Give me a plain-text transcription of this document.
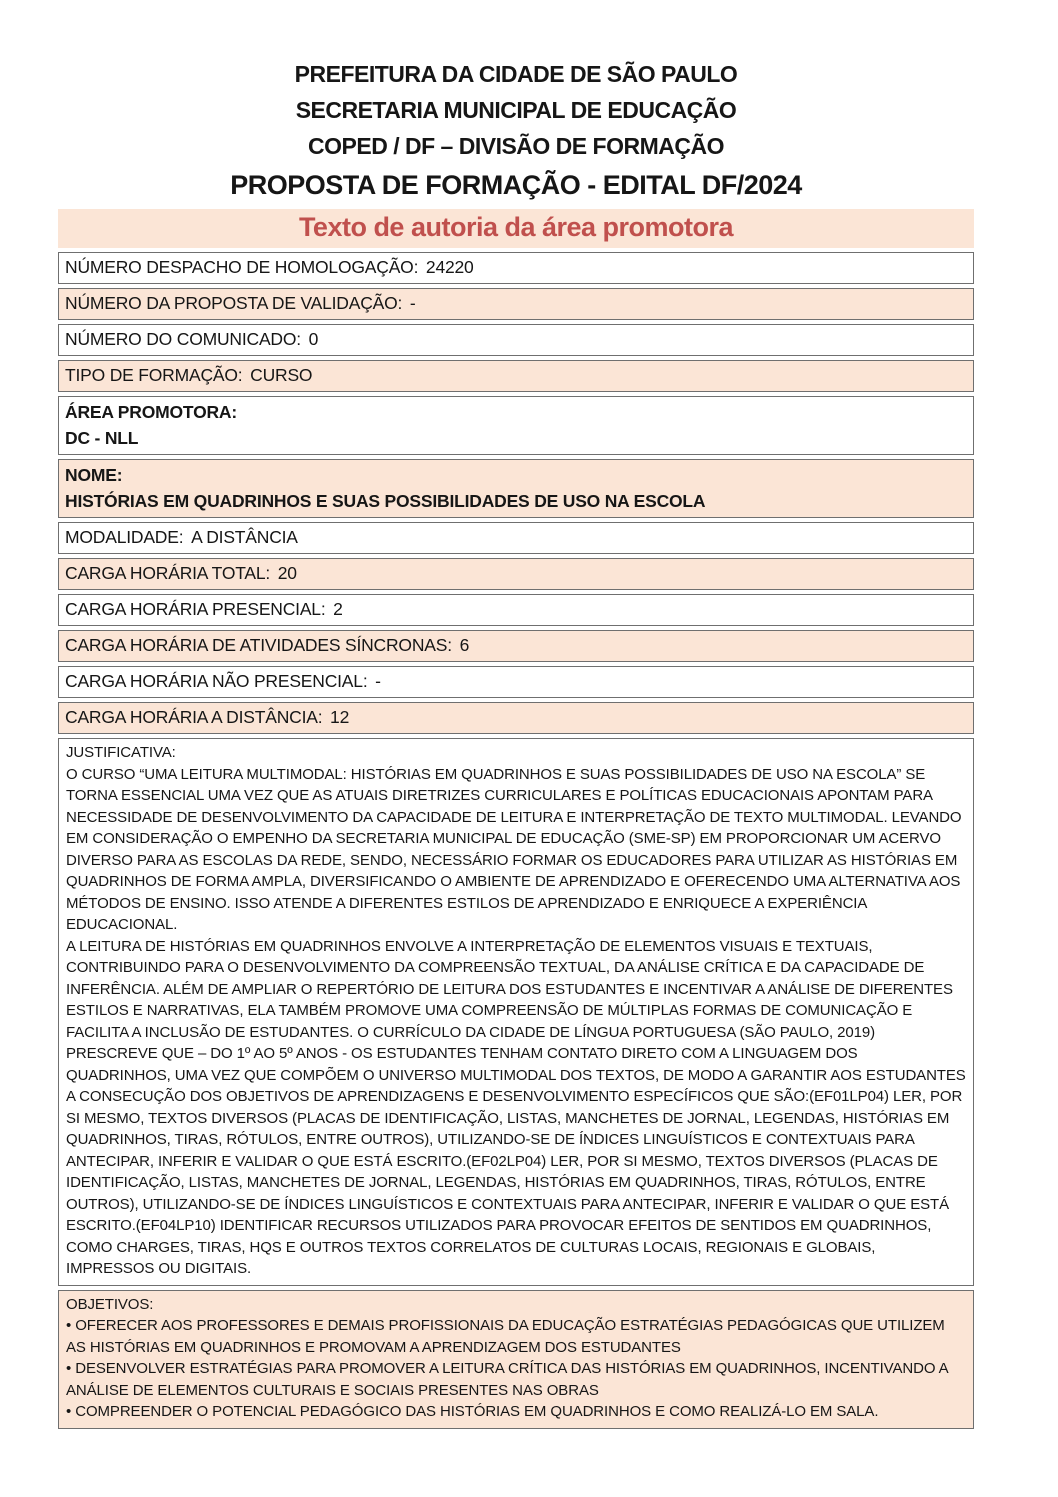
PREFEITURA DA CIDADE DE SÃO PAULO
SECRETARIA MUNICIPAL DE EDUCAÇÃO
COPED / DF – DIVISÃO DE FORMAÇÃO
PROPOSTA DE FORMAÇÃO - EDITAL DF/2024
Texto de autoria da área promotora
NÚMERO DESPACHO DE HOMOLOGAÇÃO: 24220
NÚMERO DA PROPOSTA DE VALIDAÇÃO: -
NÚMERO DO COMUNICADO: 0
TIPO DE FORMAÇÃO: CURSO
ÁREA PROMOTORA:
DC - NLL
NOME:
HISTÓRIAS EM QUADRINHOS E SUAS POSSIBILIDADES DE USO NA ESCOLA
MODALIDADE: A DISTÂNCIA
CARGA HORÁRIA TOTAL: 20
CARGA HORÁRIA PRESENCIAL: 2
CARGA HORÁRIA DE ATIVIDADES SÍNCRONAS: 6
CARGA HORÁRIA NÃO PRESENCIAL: -
CARGA HORÁRIA A DISTÂNCIA: 12
JUSTIFICATIVA:

O CURSO “UMA LEITURA MULTIMODAL: HISTÓRIAS EM QUADRINHOS E SUAS POSSIBILIDADES DE USO NA ESCOLA” SE TORNA ESSENCIAL UMA VEZ QUE AS ATUAIS DIRETRIZES CURRICULARES E POLÍTICAS EDUCACIONAIS APONTAM PARA NECESSIDADE DE DESENVOLVIMENTO DA CAPACIDADE DE LEITURA E INTERPRETAÇÃO DE TEXTO MULTIMODAL. LEVANDO EM CONSIDERAÇÃO O EMPENHO DA SECRETARIA MUNICIPAL DE EDUCAÇÃO (SME-SP) EM PROPORCIONAR UM ACERVO DIVERSO PARA AS ESCOLAS DA REDE, SENDO, NECESSÁRIO FORMAR OS EDUCADORES PARA UTILIZAR AS HISTÓRIAS EM QUADRINHOS DE FORMA AMPLA, DIVERSIFICANDO O AMBIENTE DE APRENDIZADO E OFERECENDO UMA ALTERNATIVA AOS MÉTODOS DE ENSINO. ISSO ATENDE A DIFERENTES ESTILOS DE APRENDIZADO E ENRIQUECE A EXPERIÊNCIA EDUCACIONAL.

A LEITURA DE HISTÓRIAS EM QUADRINHOS ENVOLVE A INTERPRETAÇÃO DE ELEMENTOS VISUAIS E TEXTUAIS, CONTRIBUINDO PARA O DESENVOLVIMENTO DA COMPREENSÃO TEXTUAL, DA ANÁLISE CRÍTICA E DA CAPACIDADE DE INFERÊNCIA. ALÉM DE AMPLIAR O REPERTÓRIO DE LEITURA DOS ESTUDANTES E INCENTIVAR A ANÁLISE DE DIFERENTES ESTILOS E NARRATIVAS, ELA TAMBÉM PROMOVE UMA COMPREENSÃO DE MÚLTIPLAS FORMAS DE COMUNICAÇÃO E FACILITA A INCLUSÃO DE ESTUDANTES. O CURRÍCULO DA CIDADE DE LÍNGUA PORTUGUESA (SÃO PAULO, 2019) PRESCREVE QUE – DO 1º AO 5º ANOS - OS ESTUDANTES TENHAM CONTATO DIRETO COM A LINGUAGEM DOS QUADRINHOS, UMA VEZ QUE COMPÕEM O UNIVERSO MULTIMODAL DOS TEXTOS, DE MODO A GARANTIR AOS ESTUDANTES A CONSECUÇÃO DOS OBJETIVOS DE APRENDIZAGENS E DESENVOLVIMENTO ESPECÍFICOS QUE SÃO:(EF01LP04) LER, POR SI MESMO, TEXTOS DIVERSOS (PLACAS DE IDENTIFICAÇÃO, LISTAS, MANCHETES DE JORNAL, LEGENDAS, HISTÓRIAS EM QUADRINHOS, TIRAS, RÓTULOS, ENTRE OUTROS), UTILIZANDO-SE DE ÍNDICES LINGUÍSTICOS E CONTEXTUAIS PARA ANTECIPAR, INFERIR E VALIDAR O QUE ESTÁ ESCRITO.(EF02LP04) LER, POR SI MESMO, TEXTOS DIVERSOS (PLACAS DE IDENTIFICAÇÃO, LISTAS, MANCHETES DE JORNAL, LEGENDAS, HISTÓRIAS EM QUADRINHOS, TIRAS, RÓTULOS, ENTRE OUTROS), UTILIZANDO-SE DE ÍNDICES LINGUÍSTICOS E CONTEXTUAIS PARA ANTECIPAR, INFERIR E VALIDAR O QUE ESTÁ ESCRITO.(EF04LP10) IDENTIFICAR RECURSOS UTILIZADOS PARA PROVOCAR EFEITOS DE SENTIDOS EM QUADRINHOS, COMO CHARGES, TIRAS, HQS E OUTROS TEXTOS CORRELATOS DE CULTURAS LOCAIS, REGIONAIS E GLOBAIS, IMPRESSOS OU DIGITAIS.

OBJETIVOS:
• OFERECER AOS PROFESSORES E DEMAIS PROFISSIONAIS DA EDUCAÇÃO ESTRATÉGIAS PEDAGÓGICAS QUE UTILIZEM AS HISTÓRIAS EM QUADRINHOS E PROMOVAM A APRENDIZAGEM DOS ESTUDANTES
• DESENVOLVER ESTRATÉGIAS PARA PROMOVER A LEITURA CRÍTICA DAS HISTÓRIAS EM QUADRINHOS, INCENTIVANDO A ANÁLISE DE ELEMENTOS CULTURAIS E SOCIAIS PRESENTES NAS OBRAS
• COMPREENDER O POTENCIAL PEDAGÓGICO DAS HISTÓRIAS EM QUADRINHOS E COMO REALIZÁ-LO EM SALA.
